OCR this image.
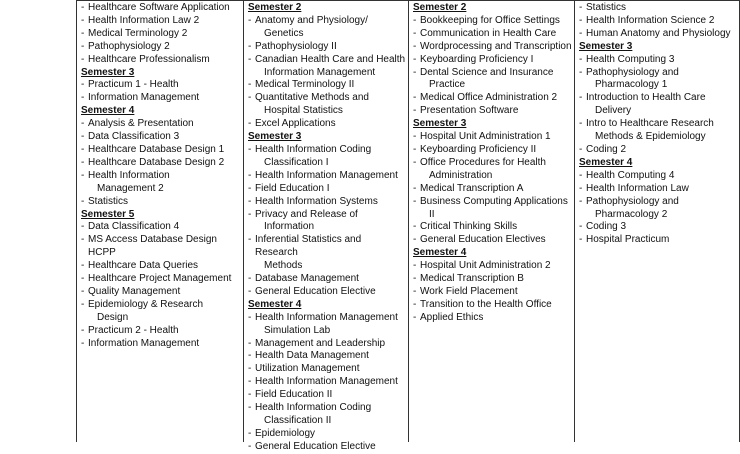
- Healthcare Software Application
- Health Information Law 2
- Medical Terminology 2
- Pathophysiology 2
- Healthcare Professionalism
Semester 3
- Practicum 1 - Health
- Information Management
Semester 4
- Analysis & Presentation
- Data Classification 3
- Healthcare Database Design 1
- Healthcare Database Design 2
- Health Information
Management 2
- Statistics
Semester 5
- Data Classification 4
- MS Access Database Design HCPP
- Healthcare Data Queries
- Healthcare Project Management
- Quality Management
- Epidemiology & Research
Design
- Practicum 2 - Health
- Information Management
Semester 2
- Anatomy and Physiology/
Genetics
- Pathophysiology II
- Canadian Health Care and Health
Information Management
- Medical Terminology II
- Quantitative Methods and
Hospital Statistics
- Excel Applications
Semester 3
- Health Information Coding
Classification I
- Health Information Management
- Field Education I
- Health Information Systems
- Privacy and Release of
Information
- Inferential Statistics and Research
Methods
- Database Management
- General Education Elective
Semester 4
- Health Information Management
Simulation Lab
- Management and Leadership
- Health Data Management
- Utilization Management
- Health Information Management
- Field Education II
- Health Information Coding
Classification II
- Epidemiology
- General Education Elective
Semester 2
- Bookkeeping for Office Settings
- Communication in Health Care
- Wordprocessing and Transcription
- Keyboarding Proficiency I
- Dental Science and Insurance
Practice
- Medical Office Administration 2
- Presentation Software
Semester 3
- Hospital Unit Administration 1
- Keyboarding Proficiency II
- Office Procedures for Health
Administration
- Medical Transcription A
- Business Computing Applications
II
- Critical Thinking Skills
- General Education Electives
Semester 4
- Hospital Unit Administration 2
- Medical Transcription B
- Work Field Placement
- Transition to the Health Office
- Applied Ethics
- Statistics
- Health Information Science 2
- Human Anatomy and Physiology
Semester 3
- Health Computing 3
- Pathophysiology and
Pharmacology 1
- Introduction to Health Care
Delivery
- Intro to Healthcare Research
Methods & Epidemiology
- Coding 2
Semester 4
- Health Computing 4
- Health Information Law
- Pathophysiology and
Pharmacology 2
- Coding 3
- Hospital Practicum
